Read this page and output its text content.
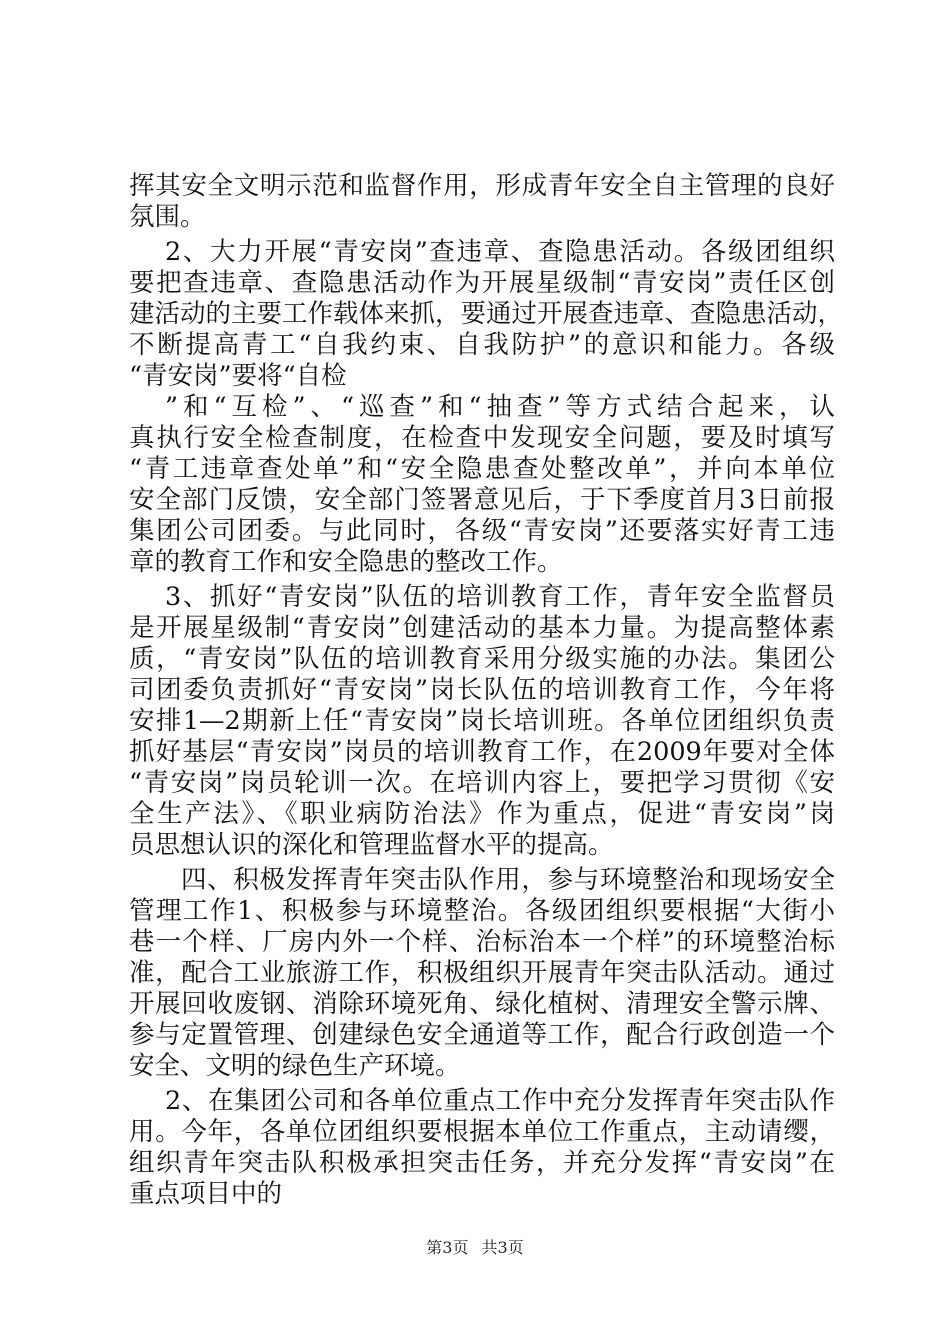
挥其安全文明示范和监督作用，形成青年安全自主管理的良好

氛围。

2、大力开展“青安岗”查违章、查隐患活动。各级团组织

要把查违章、查隐患活动作为开展星级制“青安岗”责任区创

建活动的主要工作载体来抓，要通过开展查违章、查隐患活动，

不断提高青工“自我约束、自我防护”的意识和能力。各级

“青安岗”要将“自检

”和“互检”、“巡查”和“抽查”等方式结合起来，认

真执行安全检查制度，在检查中发现安全问题，要及时填写

“青工违章查处单”和“安全隐患查处整改单”，并向本单位

安全部门反馈，安全部门签署意见后，于下季度首月3日前报

集团公司团委。与此同时，各级“青安岗”还要落实好青工违

章的教育工作和安全隐患的整改工作。

3、抓好“青安岗”队伍的培训教育工作，青年安全监督员

是开展星级制“青安岗”创建活动的基本力量。为提高整体素

质，“青安岗”队伍的培训教育采用分级实施的办法。集团公

司团委负责抓好“青安岗”岗长队伍的培训教育工作，今年将

安排1—2期新上任“青安岗”岗长培训班。各单位团组织负责

抓好基层“青安岗”岗员的培训教育工作，在2009年要对全体

“青安岗”岗员轮训一次。在培训内容上，要把学习贯彻《安

全生产法》、《职业病防治法》作为重点，促进“青安岗”岗

员思想认识的深化和管理监督水平的提高。

四、积极发挥青年突击队作用，参与环境整治和现场安全

管理工作1、积极参与环境整治。各级团组织要根据“大街小

巷一个样、厂房内外一个样、治标治本一个样”的环境整治标

准，配合工业旅游工作，积极组织开展青年突击队活动。通过

开展回收废钢、消除环境死角、绿化植树、清理安全警示牌、

参与定置管理、创建绿色安全通道等工作，配合行政创造一个

安全、文明的绿色生产环境。

2、在集团公司和各单位重点工作中充分发挥青年突击队作

用。今年，各单位团组织要根据本单位工作重点，主动请缨，

组织青年突击队积极承担突击任务，并充分发挥“青安岗”在

重点项目中的

第3页 共3页
